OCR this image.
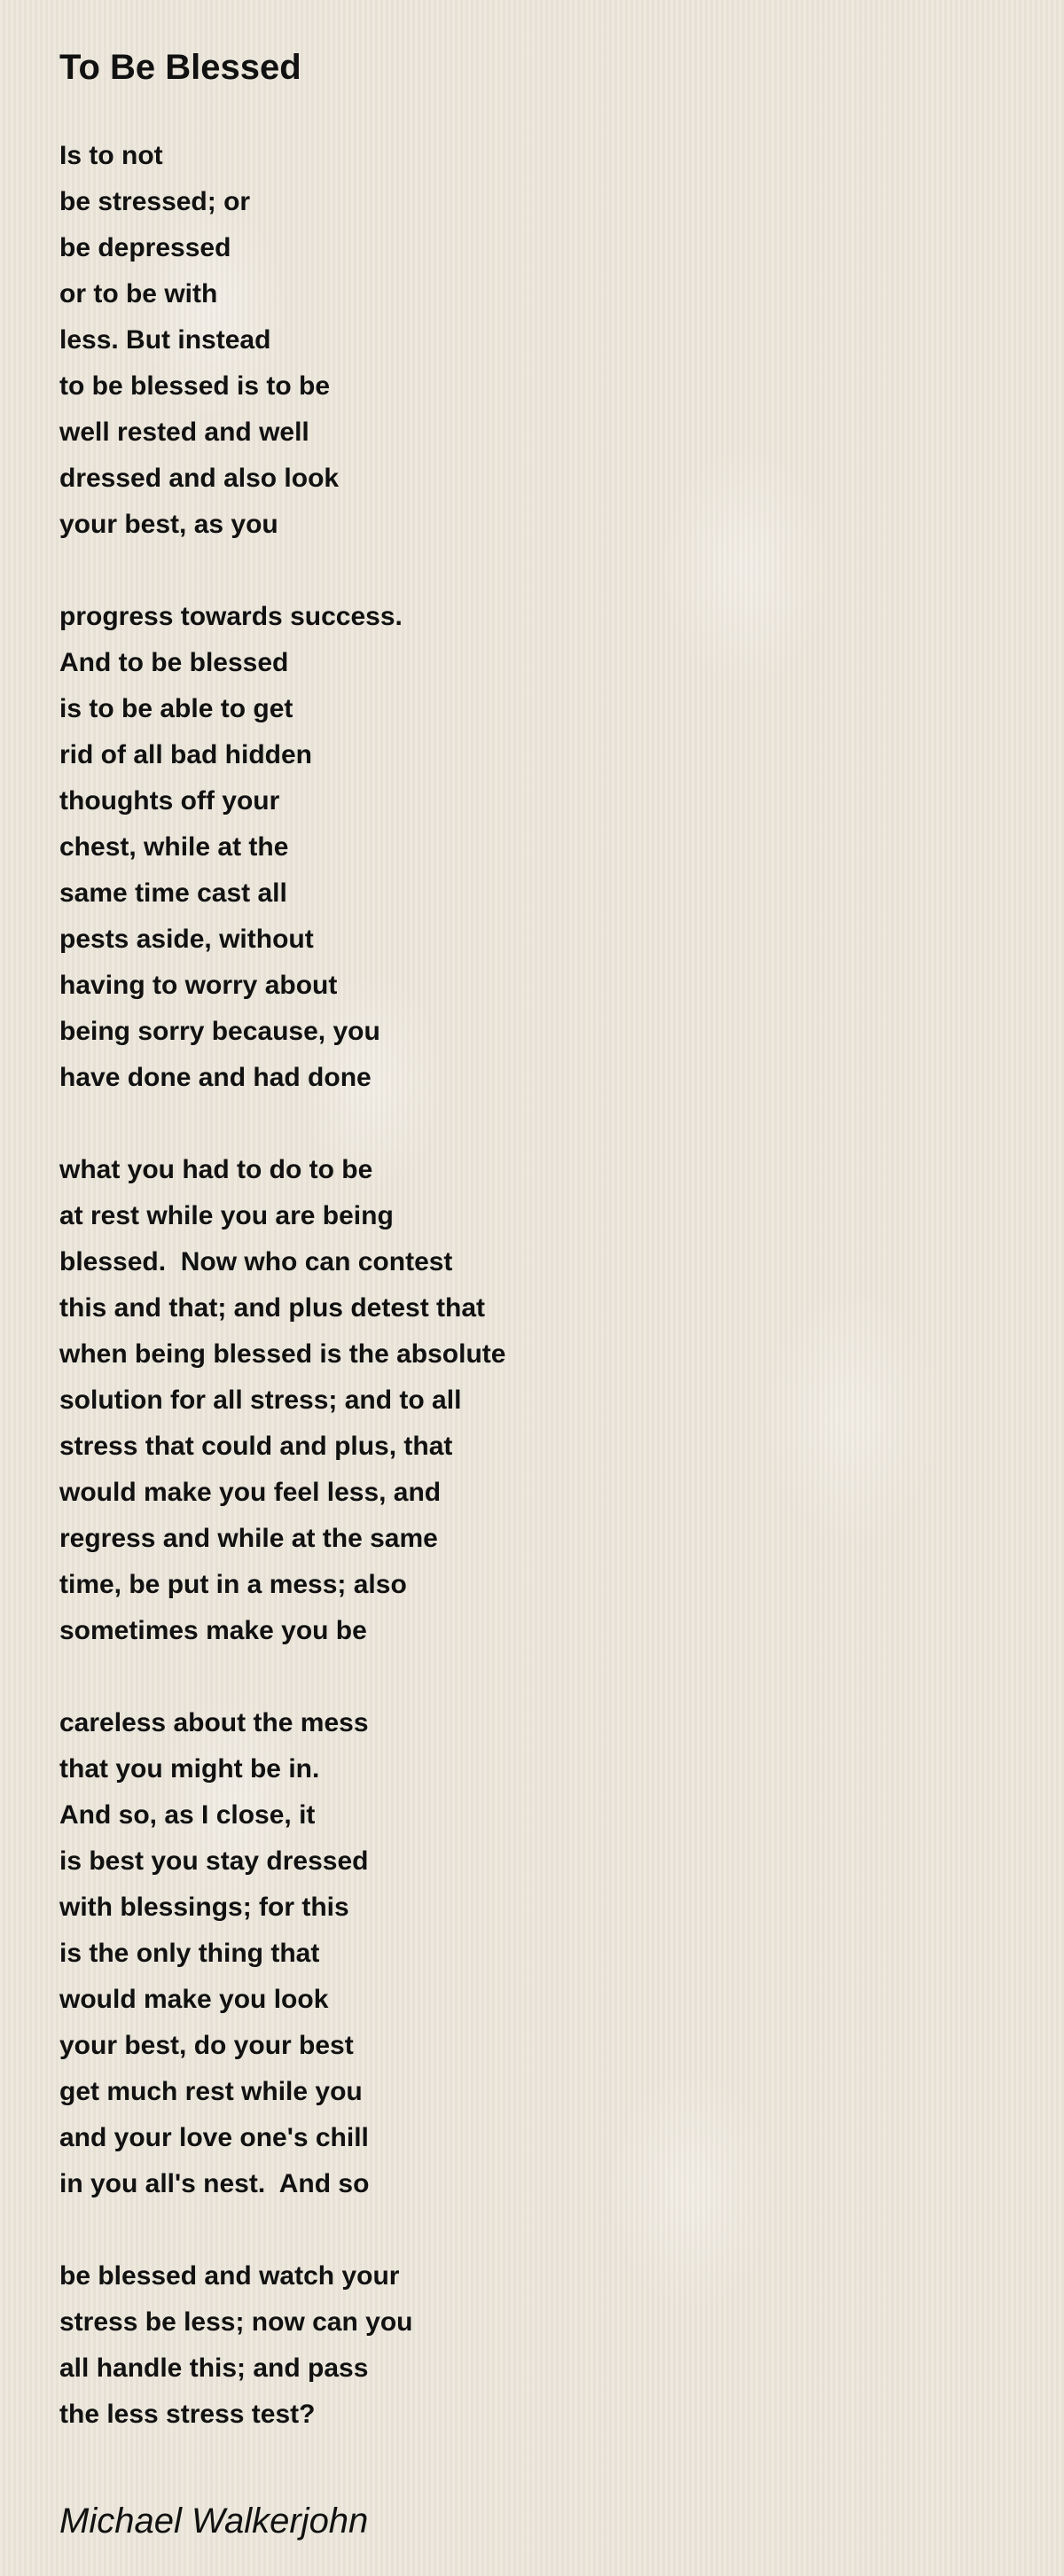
To Be Blessed
Is to not
be stressed; or
be depressed
or to be with
less. But instead
to be blessed is to be
well rested and well
dressed and also look
your best, as you
progress towards success.
And to be blessed
is to be able to get
rid of all bad hidden
thoughts off your
chest, while at the
same time cast all
pests aside, without
having to worry about
being sorry because, you
have done and had done
what you had to do to be
at rest while you are being
blessed.  Now who can contest
this and that; and plus detest that
when being blessed is the absolute
solution for all stress; and to all
stress that could and plus, that
would make you feel less, and
regress and while at the same
time, be put in a mess; also
sometimes make you be
careless about the mess
that you might be in.
And so, as I close, it
is best you stay dressed
with blessings; for this
is the only thing that
would make you look
your best, do your best
get much rest while you
and your love one's chill
in you all's nest.  And so
be blessed and watch your
stress be less; now can you
all handle this; and pass
the less stress test?
Michael Walkerjohn
